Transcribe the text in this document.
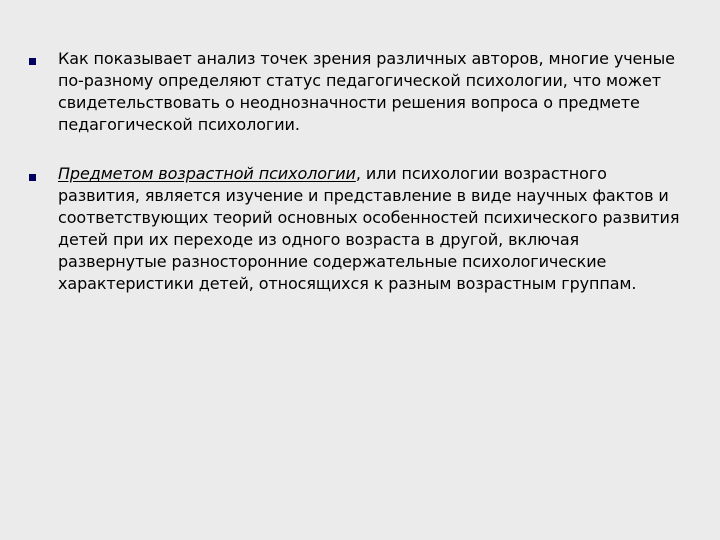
Как показывает анализ точек зрения различных авторов, многие ученые
по-разному определяют статус педагогической психологии, что может
свидетельствовать о неоднозначности решения вопроса о предмете
педагогической психологии.
Предметом возрастной психологии, или психологии возрастного
развития, является изучение и представление в виде научных фактов и
соответствующих теорий основных особенностей психического развития
детей при их переходе из одного возраста в другой, включая
развернутые разносторонние содержательные психологические
характеристики детей, относящихся к разным возрастным группам.
